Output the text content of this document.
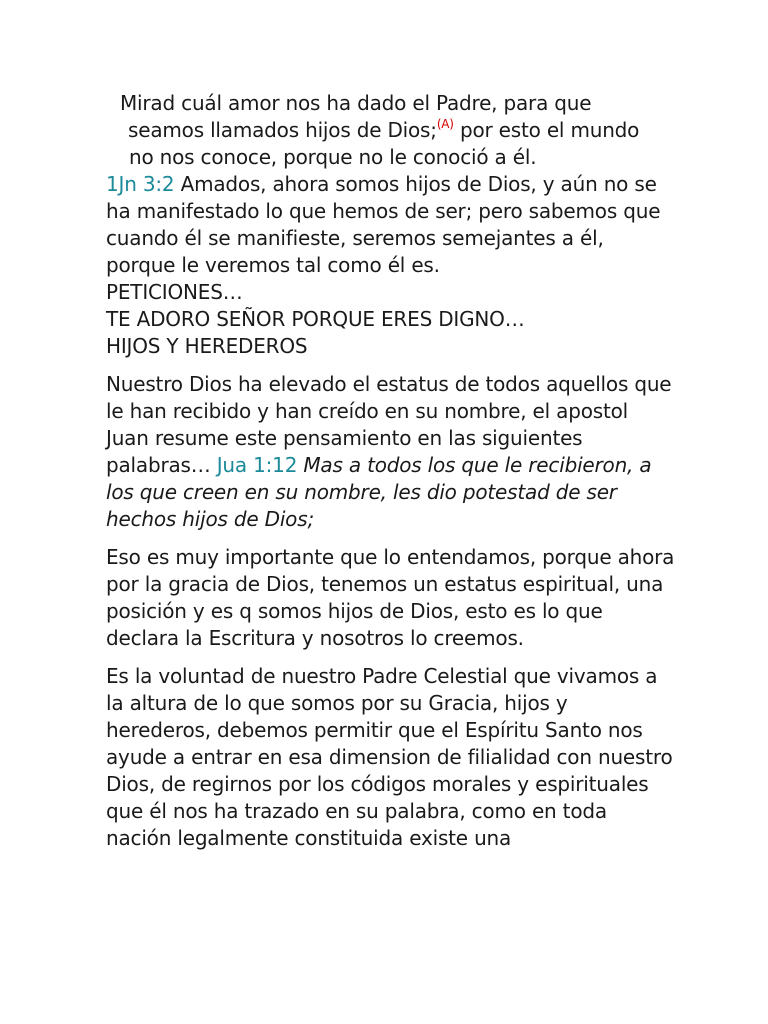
Mirad cuál amor nos ha dado el Padre, para que
seamos llamados hijos de Dios;$^{(A)}$ por esto el mundo
no nos conoce, porque no le conoció a él.

1Jn 3:2 Amados, ahora somos hijos de Dios, y aún no se ha manifestado lo que hemos de ser; pero sabemos que cuando él se manifieste, seremos semejantes a él, porque le veremos tal como él es.

PETICIONES…

TE ADORO SEÑOR PORQUE ERES DIGNO…

HIJOS Y HEREDEROS

Nuestro Dios ha elevado el estatus de todos aquellos que le han recibido y han creído en su nombre, el apostol Juan resume este pensamiento en las siguientes palabras… Jua 1:12 Mas a todos los que le recibieron, a los que creen en su nombre, les dio potestad de ser hechos hijos de Dios;

Eso es muy importante que lo entendamos, porque ahora por la gracia de Dios, tenemos un estatus espiritual, una posición y es q somos hijos de Dios, esto es lo que declara la Escritura y nosotros lo creemos.

Es la voluntad de nuestro Padre Celestial que vivamos a la altura de lo que somos por su Gracia, hijos y herederos, debemos permitir que el Espíritu Santo nos ayude a entrar en esa dimension de filialidad con nuestro Dios, de regirnos por los códigos morales y espirituales que él nos ha trazado en su palabra, como en toda nación legalmente constituida existe una
